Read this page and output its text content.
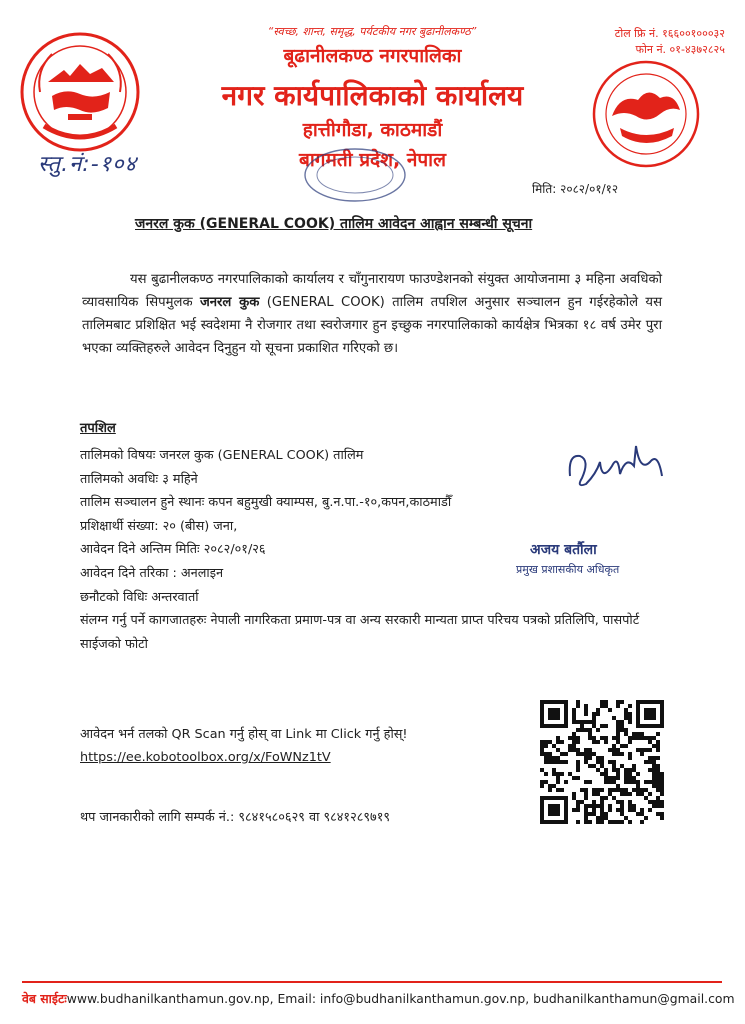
“स्वच्छ, शान्त, समृद्ध, पर्यटकीय नगर बुढानीलकण्ठ”	टोल फ्रि नं. १६६००१०००३२
फोन नं. ०१-४३७२८२५
बूढानीलकण्ठ नगरपालिका
नगर कार्यपालिकाको कार्यालय
हात्तीगौडा, काठमाडौं
बागमती प्रदेश, नेपाल
स्तु.नं:-१०४
मिति: २०८२/०१/१२
जनरल कुक (GENERAL COOK) तालिम आवेदन आह्वान सम्बन्धी सूचना
यस बुढानीलकण्ठ नगरपालिकाको कार्यालय र चाँगुनारायण फाउण्डेशनको संयुक्त आयोजनामा ३ महिना अवधिको व्यावसायिक सिपमुलक जनरल कुक (GENERAL COOK) तालिम तपशिल अनुसार सञ्चालन हुन गईरहेकोले यस तालिमबाट प्रशिक्षित भई स्वदेशमा नै रोजगार तथा स्वरोजगार हुन इच्छुक नगरपालिकाको कार्यक्षेत्र भित्रका १८ वर्ष उमेर पुरा भएका व्यक्तिहरुले आवेदन दिनुहुन यो सूचना प्रकाशित गरिएको छ।
तपशिल
तालिमको विषयः जनरल कुक (GENERAL COOK) तालिम
तालिमको अवधिः ३ महिने
तालिम सञ्चालन हुने स्थानः कपन बहुमुखी क्याम्पस, बु.न.पा.-१०,कपन,काठमाडौँ
प्रशिक्षार्थी संख्या: २० (बीस) जना,
आवेदन दिने अन्तिम मितिः २०८२/०१/२६
आवेदन दिने तरिका : अनलाइन
छनौटको विधिः अन्तरवार्ता
संलग्न गर्नु पर्ने कागजातहरुः नेपाली नागरिकता प्रमाण-पत्र वा अन्य सरकारी मान्यता प्राप्त परिचय पत्रको प्रतिलिपि, पासपोर्ट साईजको फोटो
अजय बर्तौला
प्रमुख प्रशासकीय अधिकृत
आवेदन भर्न तलको QR Scan गर्नु होस् वा Link मा Click गर्नु होस्!
https://ee.kobotoolbox.org/x/FoWNz1tV
थप जानकारीको लागि सम्पर्क नं.: ९८४१५८०६२९ वा ९८४१२८९७१९
वेब साईटःwww.budhanilkanthamun.gov.np, Email: info@budhanilkanthamun.gov.np, budhanilkanthamun@gmail.com
